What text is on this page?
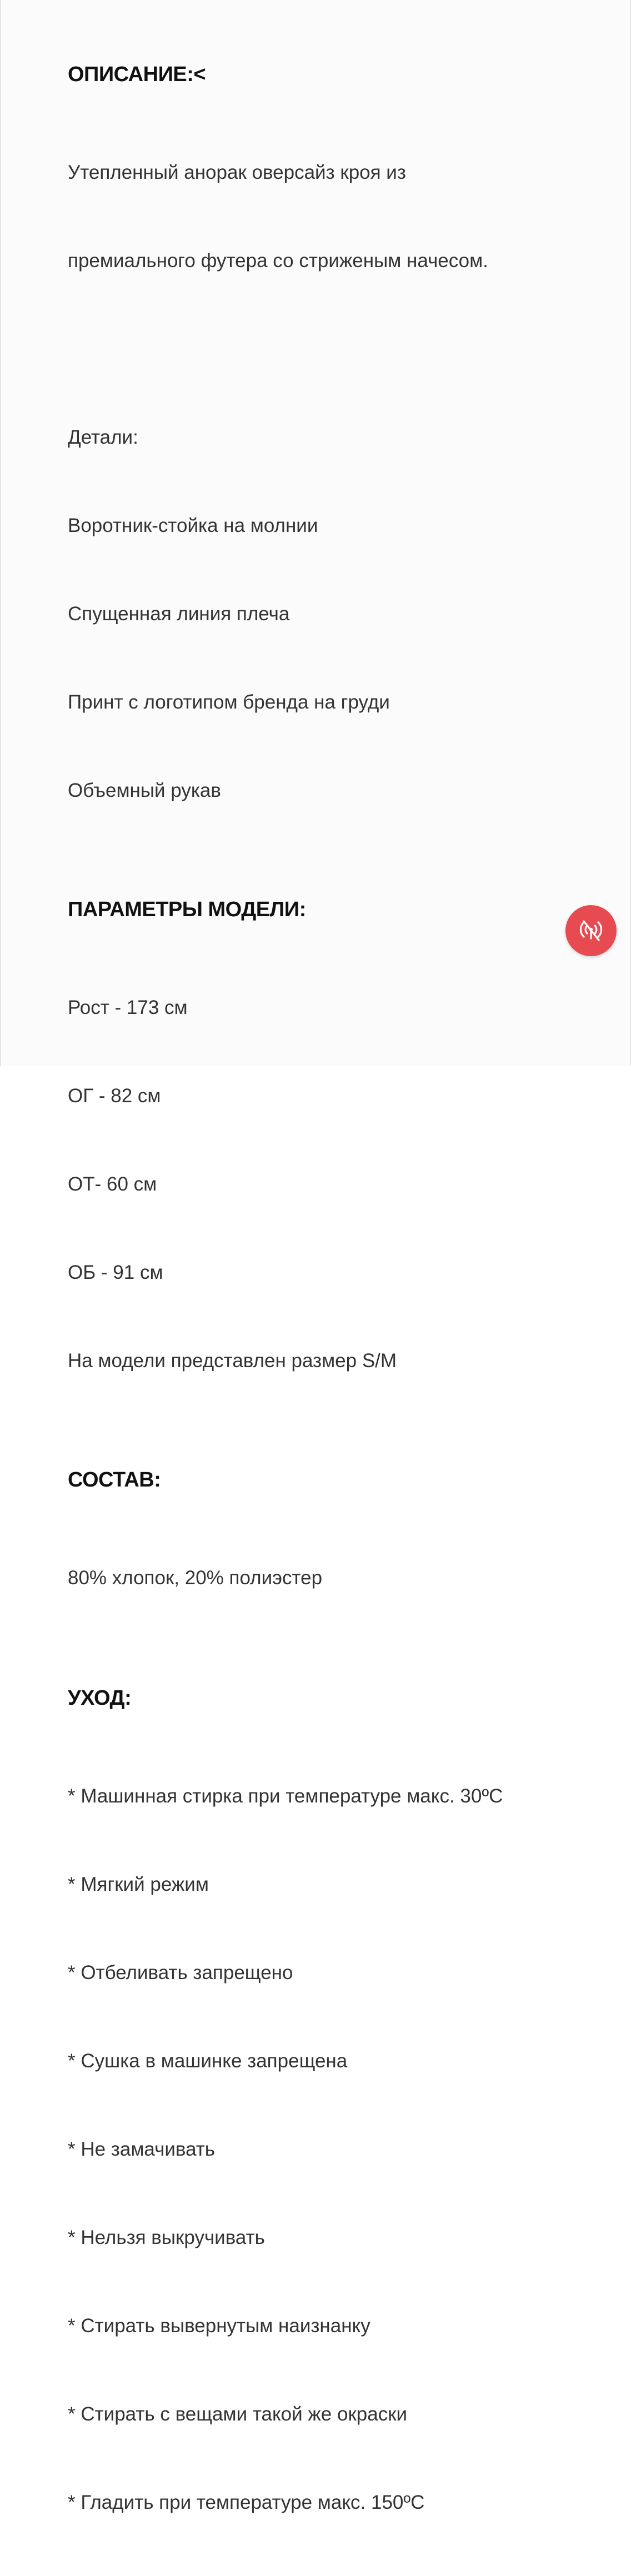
ОПИСАНИЕ:<

Утепленный анорак оверсайз кроя из

премиального футера со стриженым начесом.

Детали:

Воротник-стойка на молнии

Спущенная линия плеча

Принт с логотипом бренда на груди

Объемный рукав

ПАРАМЕТРЫ МОДЕЛИ:

Рост - 173 см

ОГ - 82 см

ОТ- 60 см

ОБ - 91 см

На модели представлен размер S/M

СОСТАВ:

80% хлопок, 20% полиэстер

УХОД:

* Машинная стирка при температуре макс. 30ºC

* Мягкий режим

* Отбеливать запрещено

* Сушка в машинке запрещена

* Не замачивать

* Нельзя выкручивать

* Стирать вывернутым наизнанку

* Стирать с вещами такой же окраски

* Гладить при температуре макс. 150ºC
